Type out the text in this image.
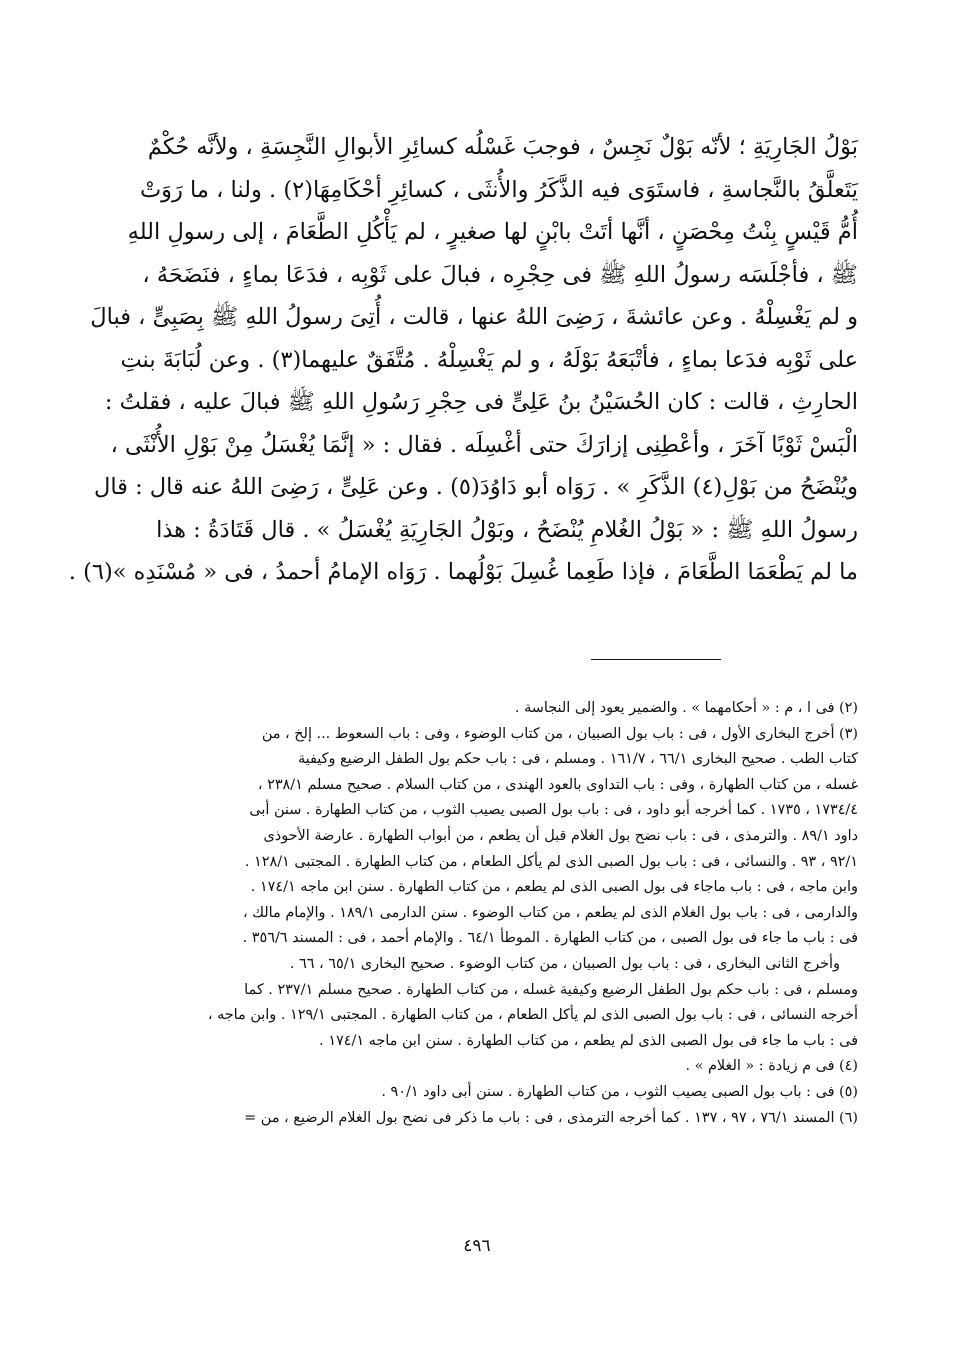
بَوْلُ الجَارِيَةِ ؛ لأنّه بَوْلٌ نَجِسٌ ، فوجبَ غَسْلُه كسائِرِ الأبوالِ النَّجِسَةِ ، ولأنَّه حُكْمٌ
يَتَعلَّقُ بالنَّجاسةِ ، فاستَوَى فيه الذَّكَرُ والأُنثَى ، كسائِرِ أحْكَامِهَا(٢) . ولنا ، ما رَوَتْ
أُمُّ قَيْسٍ بِنْتُ مِحْصَنٍ ، أنَّها أتَتْ بابْنٍ لها صغيرٍ ، لم يَأْكُلِ الطَّعَامَ ، إلى رسولِ اللهِ
ﷺ ، فأجْلَسَه رسولُ اللهِ ﷺ فى حِجْرِه ، فبالَ على ثَوْبِه ، فدَعَا بماءٍ ، فنَضَحَهُ ،
و لم يَغْسِلْهُ . وعن عائشةَ ، رَضِىَ اللهُ عنها ، قالت ، أُتِىَ رسولُ اللهِ ﷺ بِصَبِىٍّ ، فبالَ
على ثَوْبِه فدَعا بماءٍ ، فأتْبَعَهُ بَوْلَهُ ، و لم يَغْسِلْهُ . مُتَّفَقٌ عليهما(٣) . وعن لُبَابَةَ بنتِ
الحارِثِ ، قالت : كان الحُسَيْنُ بنُ عَلِىٍّ فى حِجْرِ رَسُولِ اللهِ ﷺ فبالَ عليه ، فقلتُ :
الْبَسْ ثَوْبًا آخَرَ ، وأعْطِنِى إزارَكَ حتى أغْسِلَه . فقال : « إنَّمَا يُغْسَلُ مِنْ بَوْلِ الأُنْثَى ،
ويُنْضَحُ من بَوْلِ(٤) الذَّكَرِ » . رَوَاه أبو دَاوُدَ(٥) . وعن عَلِىٍّ ، رَضِىَ اللهُ عنه قال : قال
رسولُ اللهِ ﷺ : « بَوْلُ الغُلامِ يُنْضَحُ ، وبَوْلُ الجَارِيَةِ يُغْسَلُ » . قال قَتَادَةُ : هذا
ما لم يَطْعَمَا الطَّعَامَ ، فإذا طَعِما غُسِلَ بَوْلُهما . رَوَاه الإمامُ أحمدُ ، فى « مُسْنَدِه »(٦) .
(٢) فى ا ، م : « أحكامهما » . والضمير يعود إلى النجاسة .
(٣) أخرج البخارى الأول ، فى : باب بول الصبيان ، من كتاب الوضوء ، وفى : باب السعوط ... إلخ ، من
كتاب الطب . صحيح البخارى ٦٦/١ ، ١٦١/٧ . ومسلم ، فى : باب حكم بول الطفل الرضيع وكيفية
غسله ، من كتاب الطهارة ، وفى : باب التداوى بالعود الهندى ، من كتاب السلام . صحيح مسلم ٢٣٨/١ ،
١٧٣٤/٤ ، ١٧٣٥ . كما أخرجه أبو داود ، فى : باب بول الصبى يصيب الثوب ، من كتاب الطهارة . سنن أبى
داود ٨٩/١ . والترمذى ، فى : باب نضح بول الغلام قبل أن يطعم ، من أبواب الطهارة . عارضة الأحوذى
٩٢/١ ، ٩٣ . والنسائى ، فى : باب بول الصبى الذى لم يأكل الطعام ، من كتاب الطهارة . المجتبى ١٢٨/١ .
وابن ماجه ، فى : باب ماجاء فى بول الصبى الذى لم يطعم ، من كتاب الطهارة . سنن ابن ماجه ١٧٤/١ .
والدارمى ، فى : باب بول الغلام الذى لم يطعم ، من كتاب الوضوء . سنن الدارمى ١٨٩/١ . والإمام مالك ،
فى : باب ما جاء فى بول الصبى ، من كتاب الطهارة . الموطأ ٦٤/١ . والإمام أحمد ، فى : المسند ٣٥٦/٦ .
وأخرج الثانى البخارى ، فى : باب بول الصبيان ، من كتاب الوضوء . صحيح البخارى ٦٥/١ ، ٦٦ .
ومسلم ، فى : باب حكم بول الطفل الرضيع وكيفية غسله ، من كتاب الطهارة . صحيح مسلم ٢٣٧/١ . كما
أخرجه النسائى ، فى : باب بول الصبى الذى لم يأكل الطعام ، من كتاب الطهارة . المجتبى ١٢٩/١ . وابن ماجه ،
فى : باب ما جاء فى بول الصبى الذى لم يطعم ، من كتاب الطهارة . سنن ابن ماجه ١٧٤/١ .
(٤) فى م زيادة : « الغلام » .
(٥) فى : باب بول الصبى يصيب الثوب ، من كتاب الطهارة . سنن أبى داود ٩٠/١ .
(٦) المسند ٧٦/١ ، ٩٧ ، ١٣٧ . كما أخرجه الترمذى ، فى : باب ما ذكر فى نضح بول الغلام الرضيع ، من =
٤٩٦
